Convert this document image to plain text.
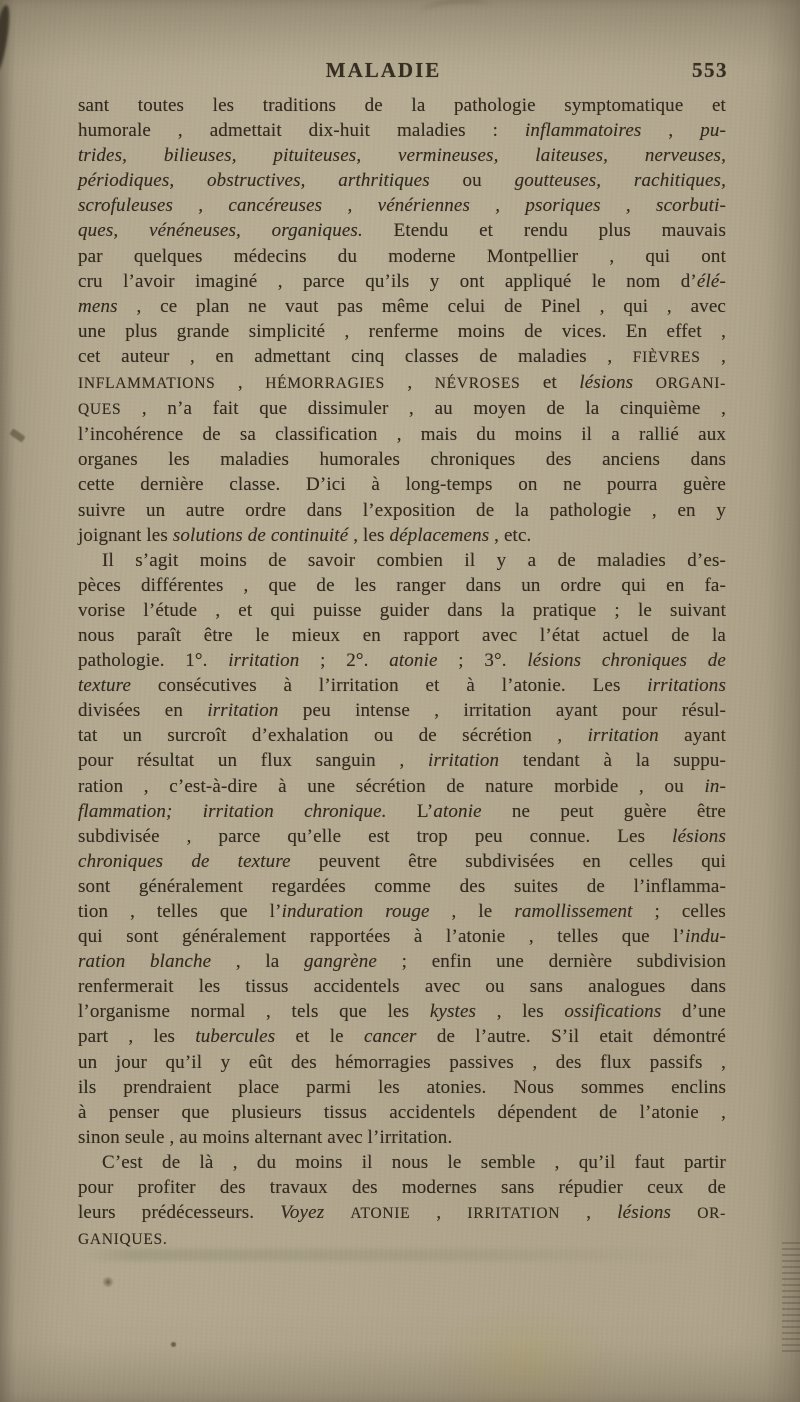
MALADIE	553
sant toutes les traditions de la pathologie symptomatique et
humorale , admettait dix-huit maladies : inflammatoires , pu-
trides, bilieuses, pituiteuses, vermineuses, laiteuses, nerveuses,
périodiques, obstructives, arthritiques ou goutteuses, rachitiques,
scrofuleuses , cancéreuses , vénériennes , psoriques , scorbuti-
ques, vénéneuses, organiques. Etendu et rendu plus mauvais
par quelques médecins du moderne Montpellier , qui ont
cru l’avoir imaginé , parce qu’ils y ont appliqué le nom d’élé-
mens , ce plan ne vaut pas même celui de Pinel , qui , avec
une plus grande simplicité , renferme moins de vices. En effet ,
cet auteur , en admettant cinq classes de maladies , FIÈVRES ,
INFLAMMATIONS , HÉMORRAGIES , NÉVROSES et lésions ORGANI-
QUES , n’a fait que dissimuler , au moyen de la cinquième ,
l’incohérence de sa classification , mais du moins il a rallié aux
organes les maladies humorales chroniques des anciens dans
cette dernière classe. D’ici à long-temps on ne pourra guère
suivre un autre ordre dans l’exposition de la pathologie , en y
joignant les solutions de continuité , les déplacemens , etc.
Il s’agit moins de savoir combien il y a de maladies d’es-
pèces différentes , que de les ranger dans un ordre qui en fa-
vorise l’étude , et qui puisse guider dans la pratique ; le suivant
nous paraît être le mieux en rapport avec l’état actuel de la
pathologie. 1°. irritation ; 2°. atonie ; 3°. lésions chroniques de
texture consécutives à l’irritation et à l’atonie. Les irritations
divisées en irritation peu intense , irritation ayant pour résul-
tat un surcroît d’exhalation ou de sécrétion , irritation ayant
pour résultat un flux sanguin , irritation tendant à la suppu-
ration , c’est-à-dire à une sécrétion de nature morbide , ou in-
flammation; irritation chronique. L’atonie ne peut guère être
subdivisée , parce qu’elle est trop peu connue. Les lésions
chroniques de texture peuvent être subdivisées en celles qui
sont généralement regardées comme des suites de l’inflamma-
tion , telles que l’induration rouge , le ramollissement ; celles
qui sont généralement rapportées à l’atonie , telles que l’indu-
ration blanche , la gangrène ; enfin une dernière subdivision
renfermerait les tissus accidentels avec ou sans analogues dans
l’organisme normal , tels que les kystes , les ossifications d’une
part , les tubercules et le cancer de l’autre. S’il etait démontré
un jour qu’il y eût des hémorragies passives , des flux passifs ,
ils prendraient place parmi les atonies. Nous sommes enclins
à penser que plusieurs tissus accidentels dépendent de l’atonie ,
sinon seule , au moins alternant avec l’irritation.
C’est de là , du moins il nous le semble , qu’il faut partir
pour profiter des travaux des modernes sans répudier ceux de
leurs prédécesseurs. Voyez ATONIE , IRRITATION , lésions OR-
GANIQUES.
